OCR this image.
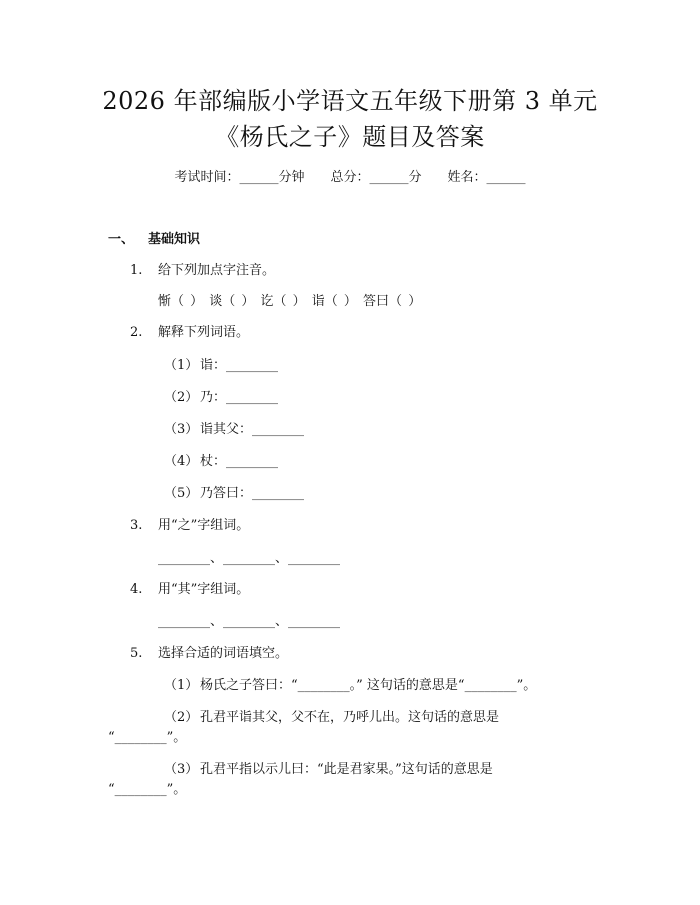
2026 年部编版小学语文五年级下册第 3 单元
《杨氏之子》题目及答案
考试时间：______分钟 总分：______分 姓名：______
一、 基础知识
1. 给下列加点字注音。
惭（ ） 谈（ ） 讫（ ） 诣（ ） 答曰（ ）
2. 解释下列词语。
（1） 诣：________
（2） 乃：________
（3） 诣其父：________
（4） 杖：________
（5） 乃答曰：________
3. 用“之”字组词。
________、________、________
4. 用“其”字组词。
________、________、________
5. 选择合适的词语填空。
（1） 杨氏之子答曰：“________。” 这句话的意思是“________”。
（2） 孔君平诣其父，父不在，乃呼儿出。这句话的意思是
“________”。
（3） 孔君平指以示儿曰：“此是君家果。”这句话的意思是
“________”。
